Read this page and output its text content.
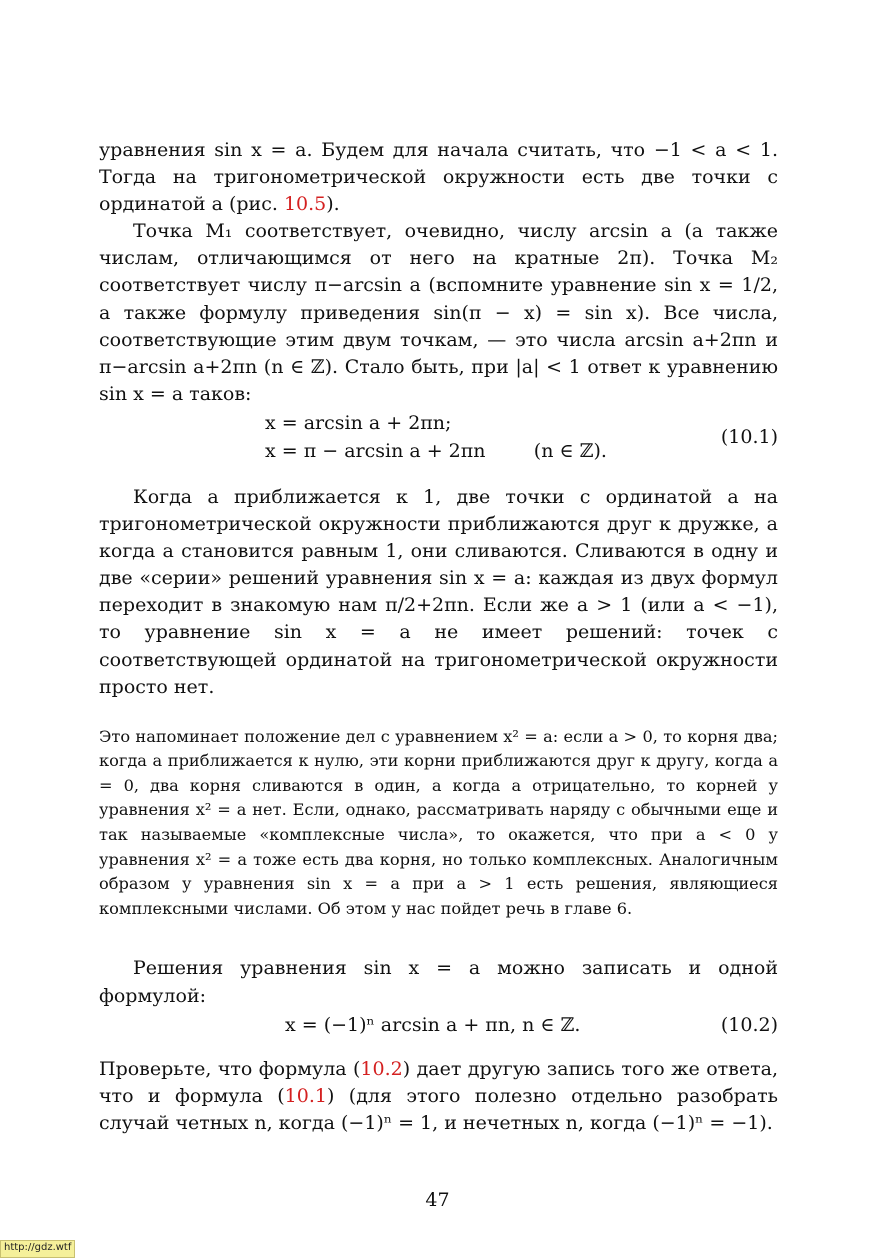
уравнения sin x = a. Будем для начала считать, что −1 < a < 1. Тогда на тригонометрической окружности есть две точки с ординатой a (рис. 10.5).

Точка M₁ соответствует, очевидно, числу arcsin a (а также числам, отличающимся от него на кратные 2π). Точка M₂ соответствует числу π−arcsin a (вспомните уравнение sin x = 1/2, а также формулу приведения sin(π − x) = sin x). Все числа, соответствующие этим двум точкам, — это числа arcsin a+2πn и π−arcsin a+2πn (n ∈ ℤ). Стало быть, при |a| < 1 ответ к уравнению sin x = a таков:

x = arcsin a + 2πn;
x = π − arcsin a + 2πn        (n ∈ ℤ).
(10.1)

Когда a приближается к 1, две точки с ординатой a на тригонометрической окружности приближаются друг к дружке, а когда a становится равным 1, они сливаются. Сливаются в одну и две «серии» решений уравнения sin x = a: каждая из двух формул переходит в знакомую нам π/2+2πn. Если же a > 1 (или a < −1), то уравнение sin x = a не имеет решений: точек с соответствующей ординатой на тригонометрической окружности просто нет.

Это напоминает положение дел с уравнением x² = a: если a > 0, то корня два; когда a приближается к нулю, эти корни приближаются друг к другу, когда a = 0, два корня сливаются в один, а когда a отрицательно, то корней у уравнения x² = a нет. Если, однако, рассматривать наряду с обычными еще и так называемые «комплексные числа», то окажется, что при a < 0 у уравнения x² = a тоже есть два корня, но только комплексных. Аналогичным образом у уравнения sin x = a при a > 1 есть решения, являющиеся комплексными числами. Об этом у нас пойдет речь в главе 6.

Решения уравнения sin x = a можно записать и одной формулой:

x = (−1)ⁿ arcsin a + πn, n ∈ ℤ.	(10.2)

Проверьте, что формула (10.2) дает другую запись того же ответа, что и формула (10.1) (для этого полезно отдельно разобрать случай четных n, когда (−1)ⁿ = 1, и нечетных n, когда (−1)ⁿ = −1).

47
http://gdz.wtf
